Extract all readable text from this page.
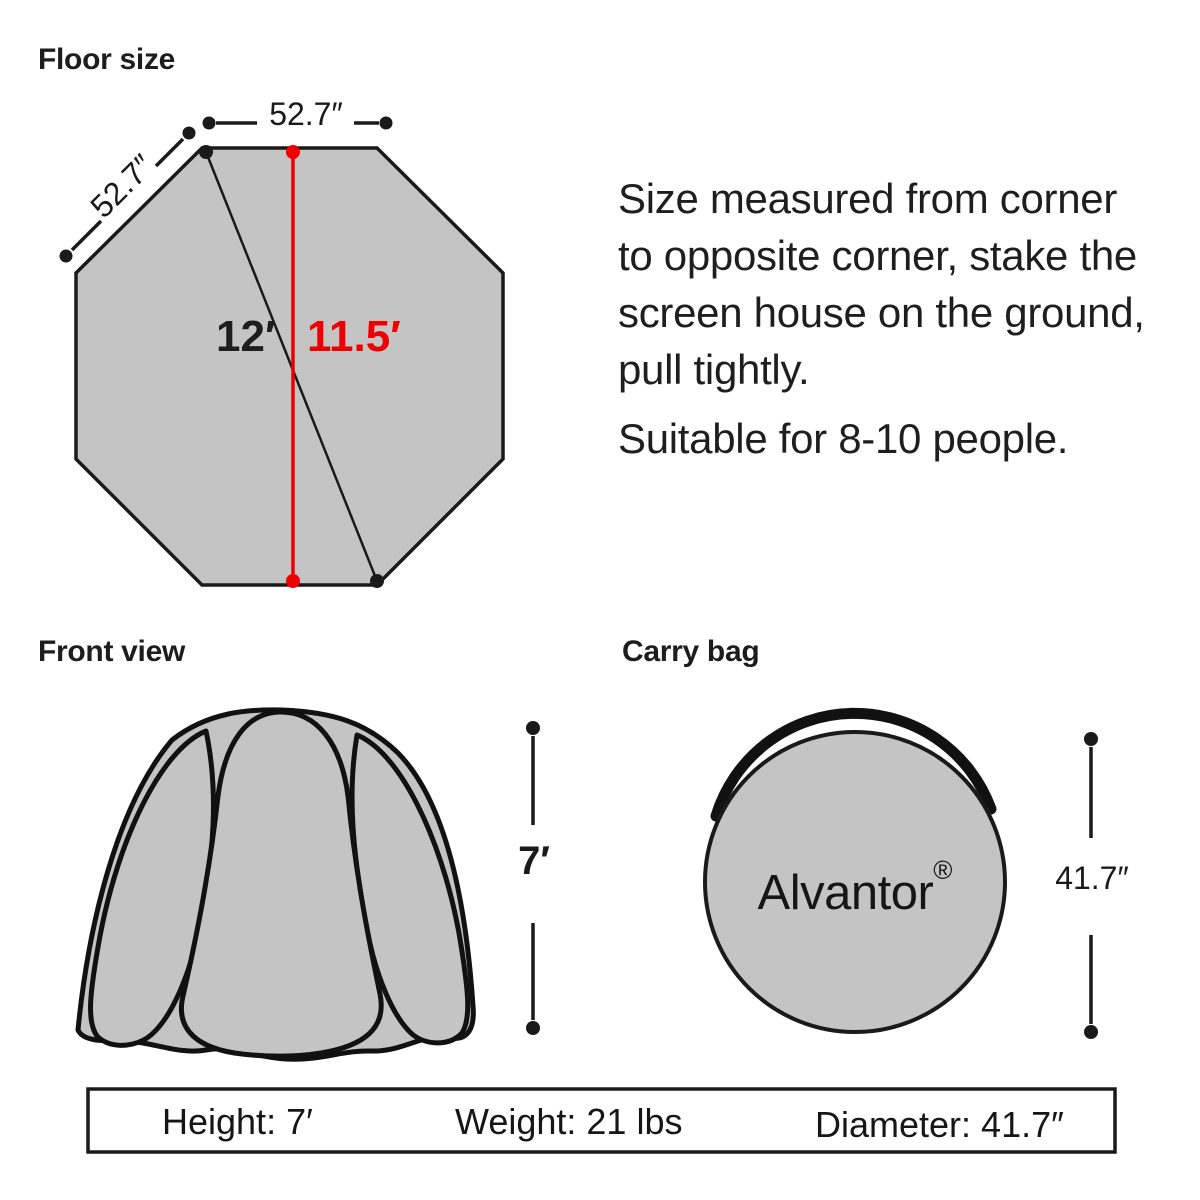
Floor size
52.7″
52.7″
12′ 11.5′
Size measured from corner
to opposite corner, stake the
screen house on the ground,
pull tightly.
Suitable for 8-10 people.
Front view	Carry bag
7′
Alvantor®	41.7″
Height: 7′	Weight: 21 lbs	Diameter: 41.7″
